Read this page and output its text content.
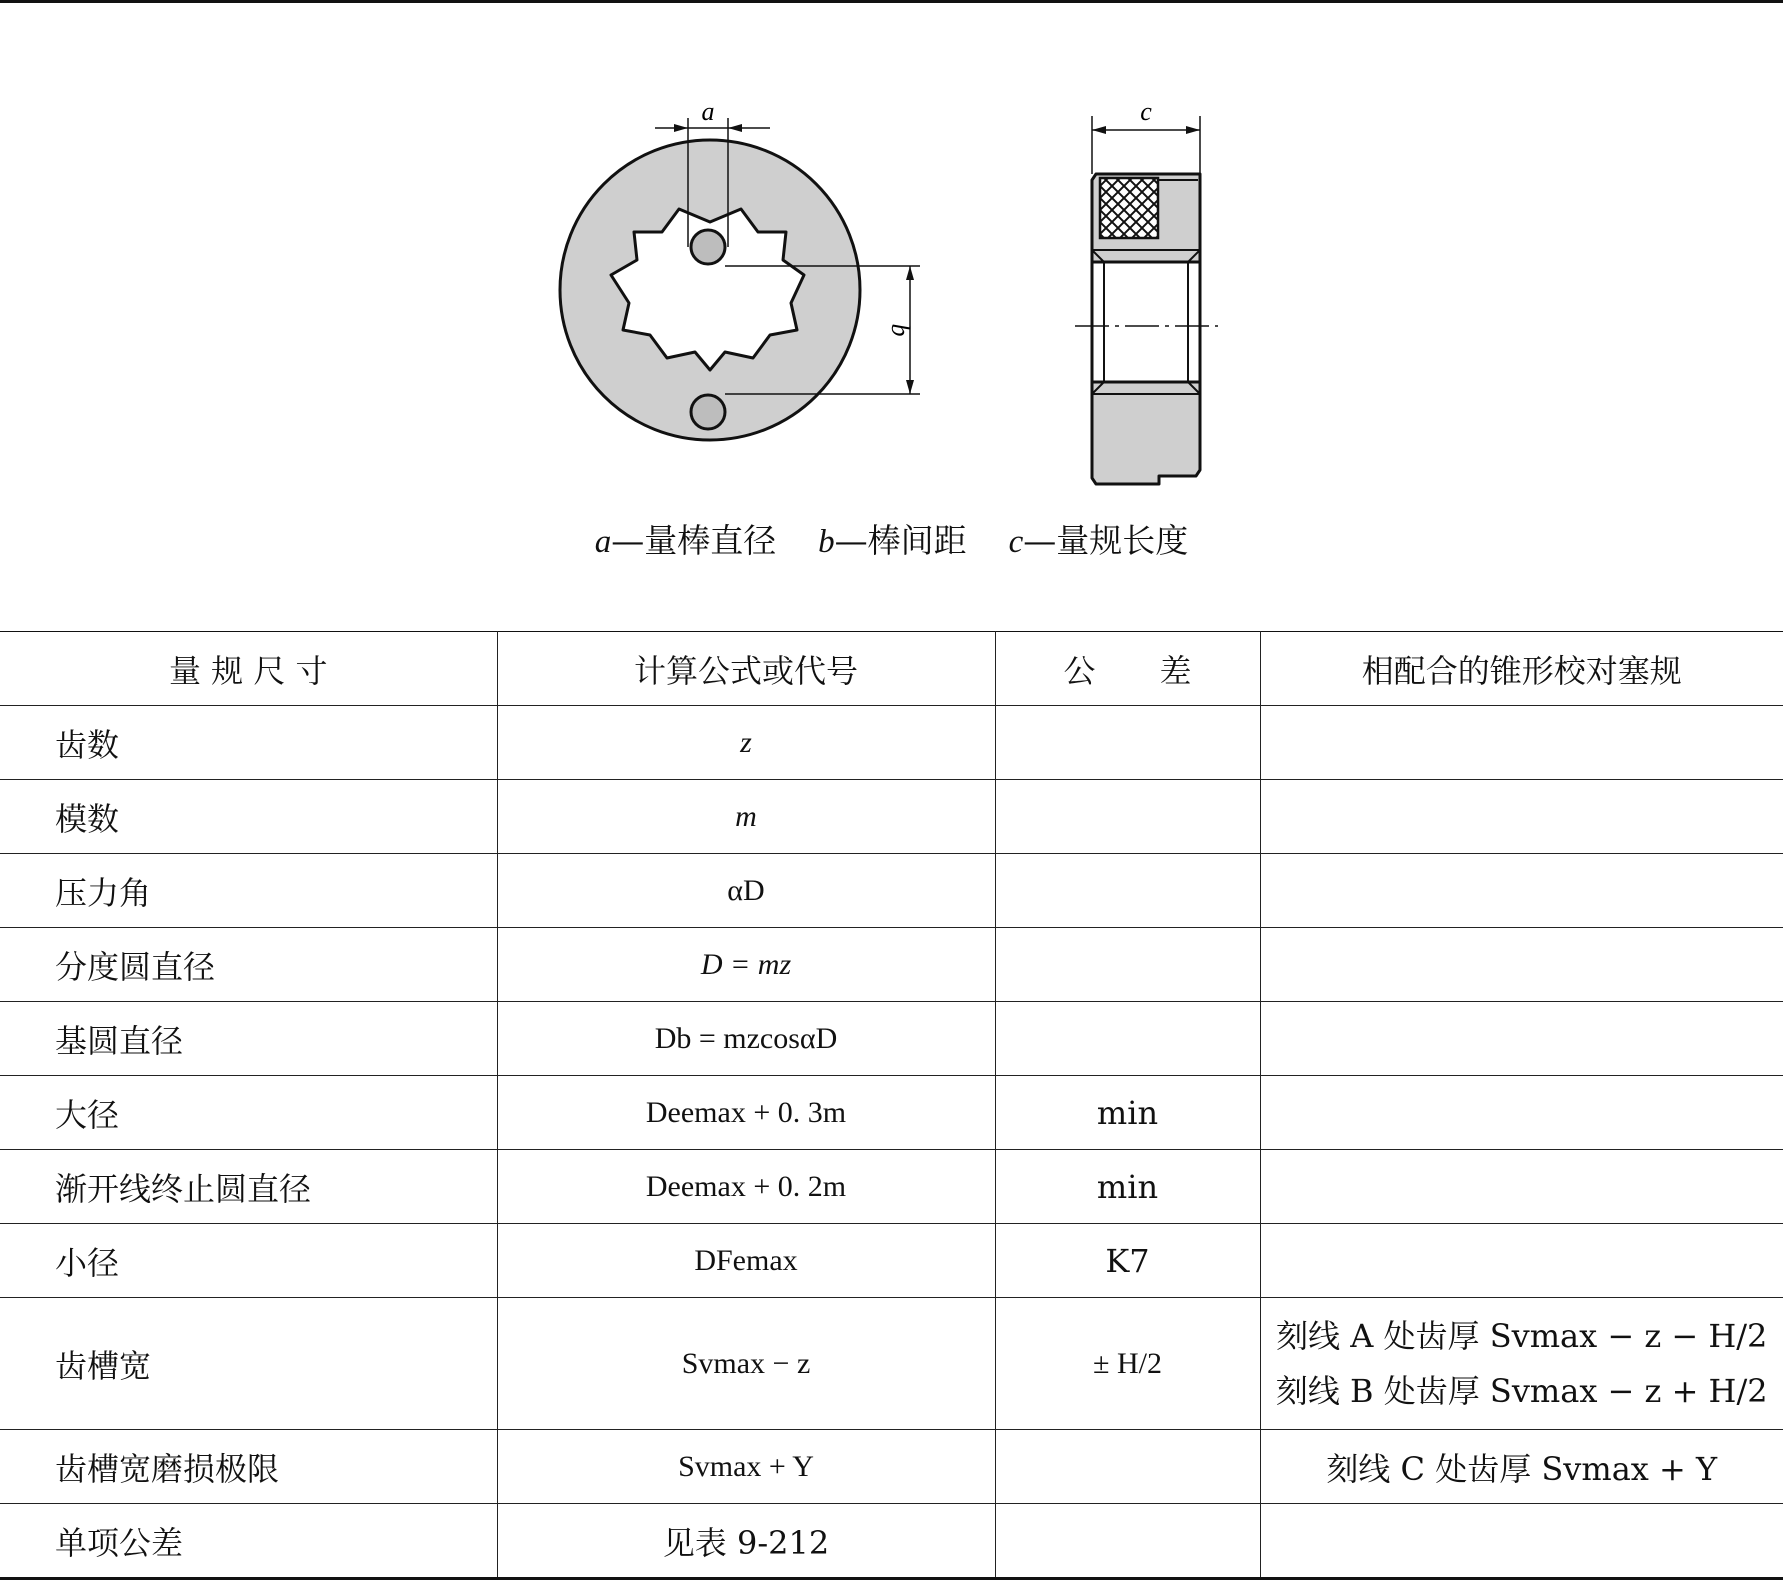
a
b
c
a—量棒直径 b—棒间距 c—量规长度
量 规 尺 寸	计算公式或代号	公　　差	相配合的锥形校对塞规
齿数	z		
模数	m		
压力角	αD		
分度圆直径	D = mz		
基圆直径	Db = mzcosαD		
大径	Deemax + 0. 3m	min	
渐开线终止圆直径	Deemax + 0. 2m	min	
小径	DFemax	K7	
齿槽宽	Svmax − z	± H/2	刻线 A 处齿厚 Svmax − z − H/2
刻线 B 处齿厚 Svmax − z + H/2

齿槽宽磨损极限	Svmax + Y		刻线 C 处齿厚 Svmax + Y
单项公差	见表 9-212		
